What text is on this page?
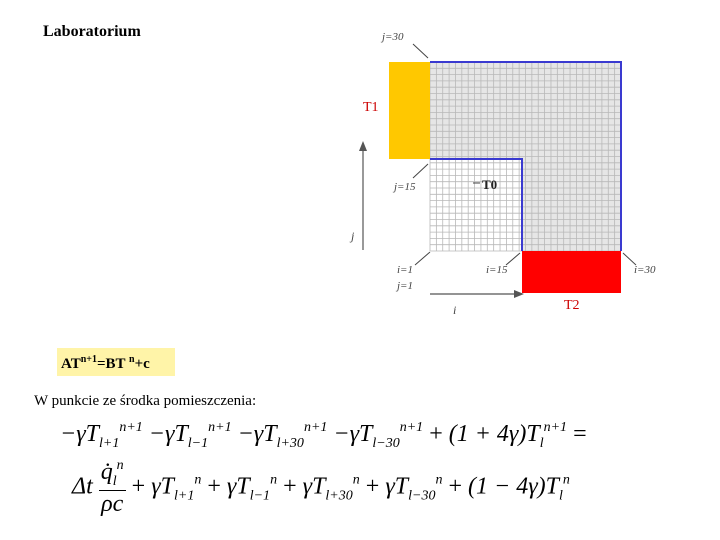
Laboratorium	j=30
T1
j=15	T0
j
i=1
j=1
i=15	i=30
T2
i
$AT^{n+1}=BT$ $^n$+c
W punkcie ze środka pomieszczenia:
$-\gamma T_{l+1}^{n+1} -\gamma T_{l-1}^{n+1} -\gamma T_{l+30}^{n+1} -\gamma T_{l-30}^{n+1} + (1 + 4\gamma)T_l^{n+1}$ =
Δt $\frac{q̇_l^n}{\rho c} + \gamma T_{l+1}^n + \gamma T_{l-1}^n + \gamma T_{l+30}^n + \gamma T_{l-30}^n + (1 - 4\gamma)T_l^n$
